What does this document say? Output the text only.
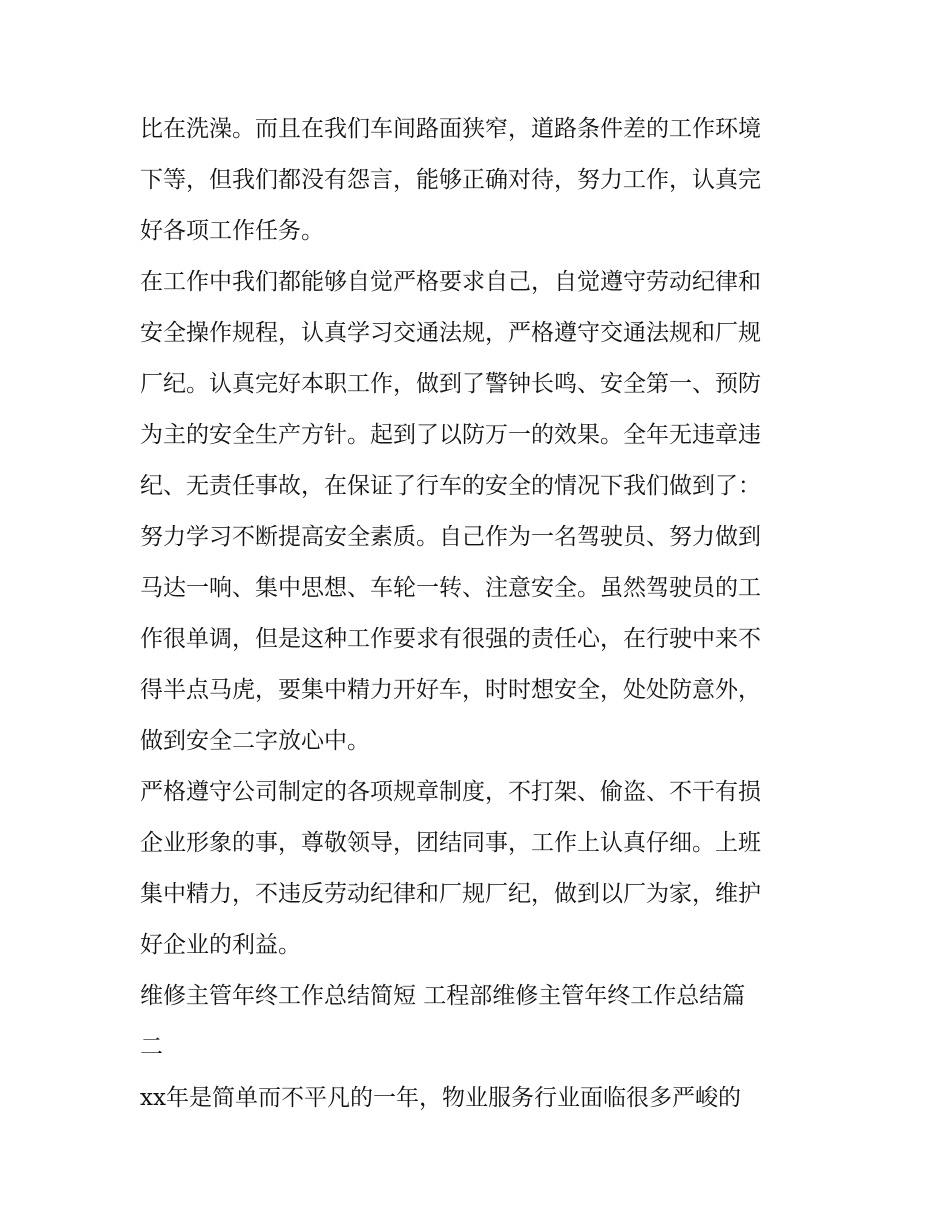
比在洗澡。而且在我们车间路面狭窄，道路条件差的工作环境
下等，但我们都没有怨言，能够正确对待，努力工作，认真完
好各项工作任务。

在工作中我们都能够自觉严格要求自己，自觉遵守劳动纪律和
安全操作规程，认真学习交通法规，严格遵守交通法规和厂规
厂纪。认真完好本职工作，做到了警钟长鸣、安全第一、预防
为主的安全生产方针。起到了以防万一的效果。全年无违章违
纪、无责任事故，在保证了行车的安全的情况下我们做到了：
努力学习不断提高安全素质。自己作为一名驾驶员、努力做到
马达一响、集中思想、车轮一转、注意安全。虽然驾驶员的工
作很单调，但是这种工作要求有很强的责任心，在行驶中来不
得半点马虎，要集中精力开好车，时时想安全，处处防意外，
做到安全二字放心中。

严格遵守公司制定的各项规章制度，不打架、偷盗、不干有损
企业形象的事，尊敬领导，团结同事，工作上认真仔细。上班
集中精力，不违反劳动纪律和厂规厂纪，做到以厂为家，维护
好企业的利益。

维修主管年终工作总结简短 工程部维修主管年终工作总结篇
二

xx年是简单而不平凡的一年，物业服务行业面临很多严峻的
